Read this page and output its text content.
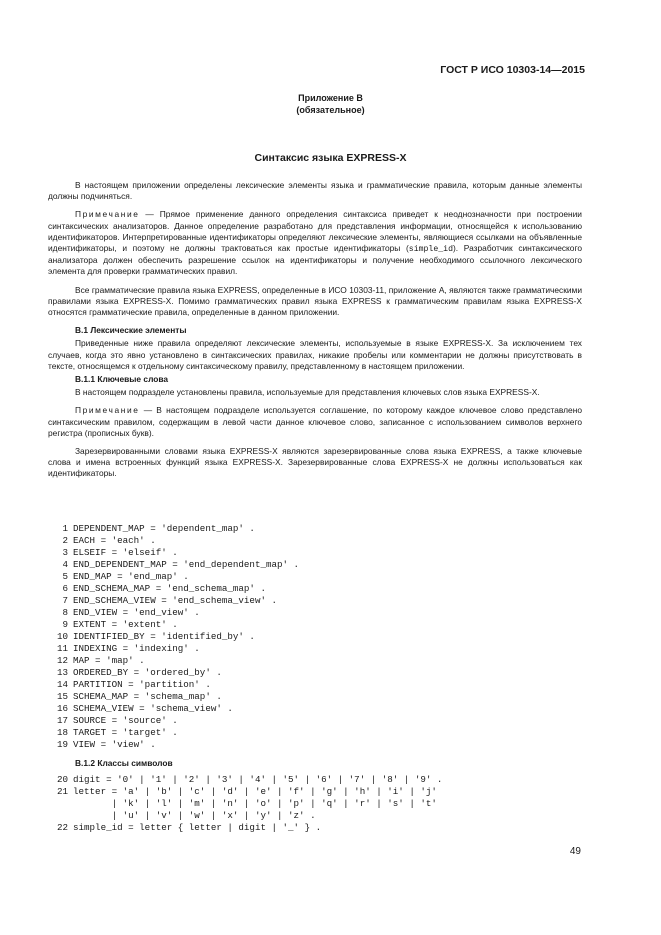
ГОСТ Р ИСО 10303-14—2015
Приложение B
(обязательное)
Синтаксис языка EXPRESS-X

В настоящем приложении определены лексические элементы языка и грамматические правила, которым данные элементы должны подчиняться.

Примечание — Прямое применение данного определения синтаксиса приведет к неоднозначности при построении синтаксических анализаторов. Данное определение разработано для представления информации, относящейся к использованию идентификаторов. Интерпретированные идентификаторы определяют лексические элементы, являющиеся ссылками на объявленные идентификаторы, и поэтому не должны трактоваться как простые идентификаторы (simple_id). Разработчик синтаксического анализатора должен обеспечить разрешение ссылок на идентификаторы и получение необходимого ссылочного лексического элемента для проверки грамматических правил.

Все грамматические правила языка EXPRESS, определенные в ИСО 10303-11, приложение А, являются также грамматическими правилами языка EXPRESS-X. Помимо грамматических правил языка EXPRESS к грамматическим правилам языка EXPRESS-X относятся грамматические правила, определенные в данном приложении.

B.1 Лексические элементы

Приведенные ниже правила определяют лексические элементы, используемые в языке EXPRESS-X. За исключением тех случаев, когда это явно установлено в синтаксических правилах, никакие пробелы или комментарии не должны присутствовать в тексте, относящемся к отдельному синтаксическому правилу, представленному в настоящем приложении.

B.1.1 Ключевые слова

В настоящем подразделе установлены правила, используемые для представления ключевых слов языка EXPRESS-X.

Примечание — В настоящем подразделе используется соглашение, по которому каждое ключевое слово представлено синтаксическим правилом, содержащим в левой части данное ключевое слово, записанное с использованием символов верхнего регистра (прописных букв).

Зарезервированными словами языка EXPRESS-X являются зарезервированные слова языка EXPRESS, а также ключевые слова и имена встроенных функций языка EXPRESS-X. Зарезервированные слова EXPRESS-X не должны использоваться как идентификаторы.

1 DEPENDENT_MAP = 'dependent_map' .
2 EACH = 'each' .
3 ELSEIF = 'elseif' .
4 END_DEPENDENT_MAP = 'end_dependent_map' .
5 END_MAP = 'end_map' .
6 END_SCHEMA_MAP = 'end_schema_map' .
7 END_SCHEMA_VIEW = 'end_schema_view' .
8 END_VIEW = 'end_view' .
9 EXTENT = 'extent' .
10 IDENTIFIED_BY = 'identified_by' .
11 INDEXING = 'indexing' .
12 MAP = 'map' .
13 ORDERED_BY = 'ordered_by' .
14 PARTITION = 'partition' .
15 SCHEMA_MAP = 'schema_map' .
16 SCHEMA_VIEW = 'schema_view' .
17 SOURCE = 'source' .
18 TARGET = 'target' .
19 VIEW = 'view' .
B.1.2 Классы символов
20 digit = '0' | '1' | '2' | '3' | '4' | '5' | '6' | '7' | '8' | '9' .
21 letter = 'a' | 'b' | 'c' | 'd' | 'e' | 'f' | 'g' | 'h' | 'i' | 'j'
| 'k' | 'l' | 'm' | 'n' | 'o' | 'p' | 'q' | 'r' | 's' | 't'
| 'u' | 'v' | 'w' | 'x' | 'y' | 'z' .
22 simple_id = letter { letter | digit | '_' } .
49
